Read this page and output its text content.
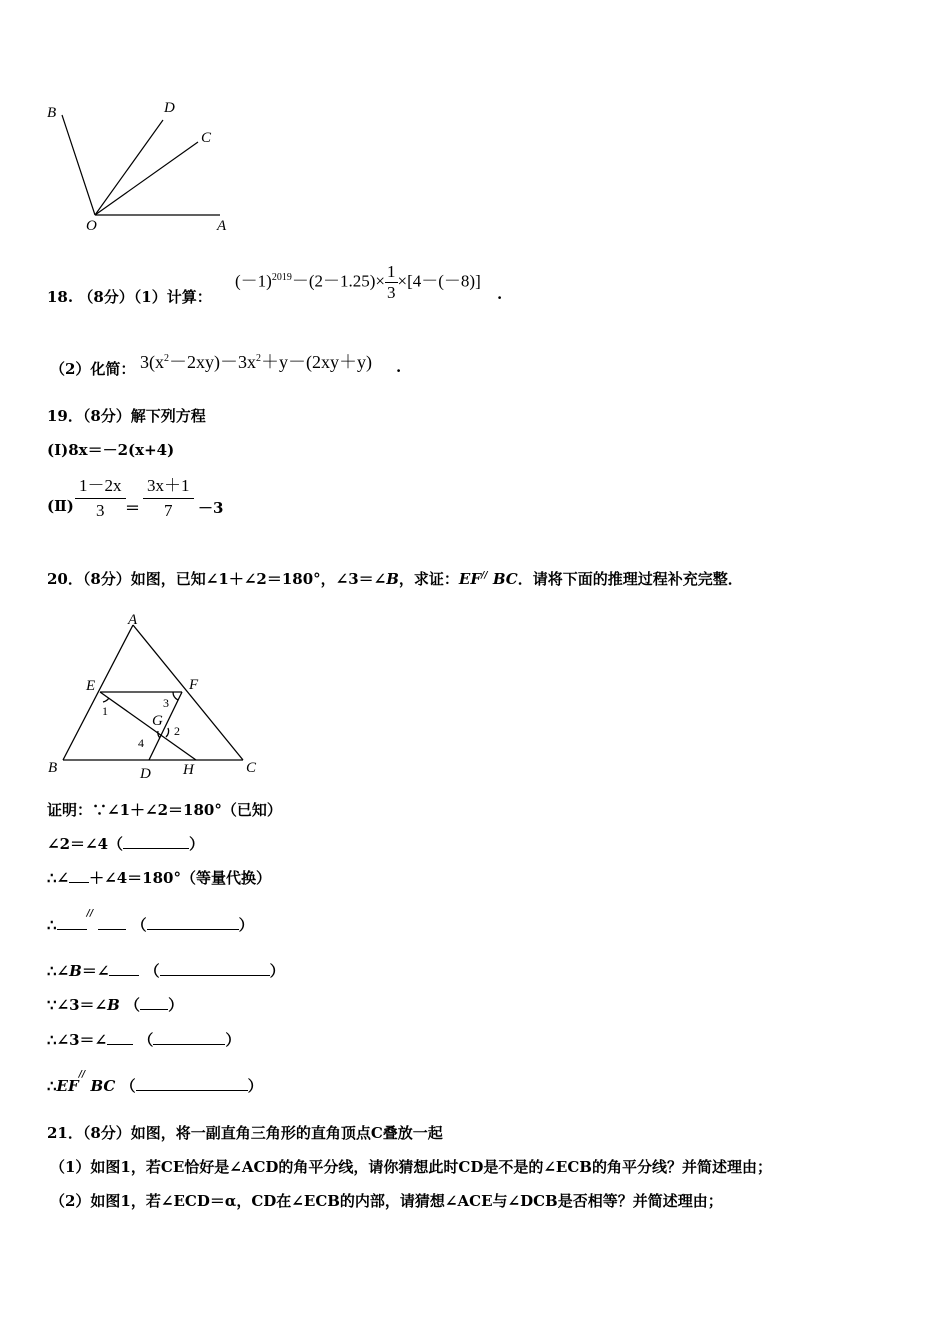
B	D
C
O	A
18. （8分）（1）计算：
$(-1)^{2019}-(2-1.25)\times \frac{1}{3} \times[4-(-8)]$
.
（2）化简： $3(x^2-2xy)-3x^2+y-(2xy+y)$ .
19．（8分）解下列方程
(Ⅰ)8x＝－2(x+4)
(Ⅱ) $\frac{1-2x}{3} = \frac{3x+1}{7} -3$
20．（8分）如图，已知∠1＋∠2＝180°，∠3＝∠B，求证：EF// BC．请将下面的推理过程补充完整．
A
E	F
G
B	D H	C
1
3
2
4
证明：∵∠1＋∠2＝180°（已知）
∠2＝∠4（	）
∴∠ ＋∠4＝180°（等量代换）
∴//  （	）
∴∠B＝∠ （	）
∵∠3＝∠B （ ）
∴∠3＝∠ （	）
∴EF// BC （	）
21．（8分）如图，将一副直角三角形的直角顶点C叠放一起
（1）如图1，若CE恰好是∠ACD的角平分线，请你猜想此时CD是不是的∠ECB的角平分线？并简述理由；
（2）如图1，若∠ECD＝α，CD在∠ECB的内部，请猜想∠ACE与∠DCB是否相等？并简述理由；
